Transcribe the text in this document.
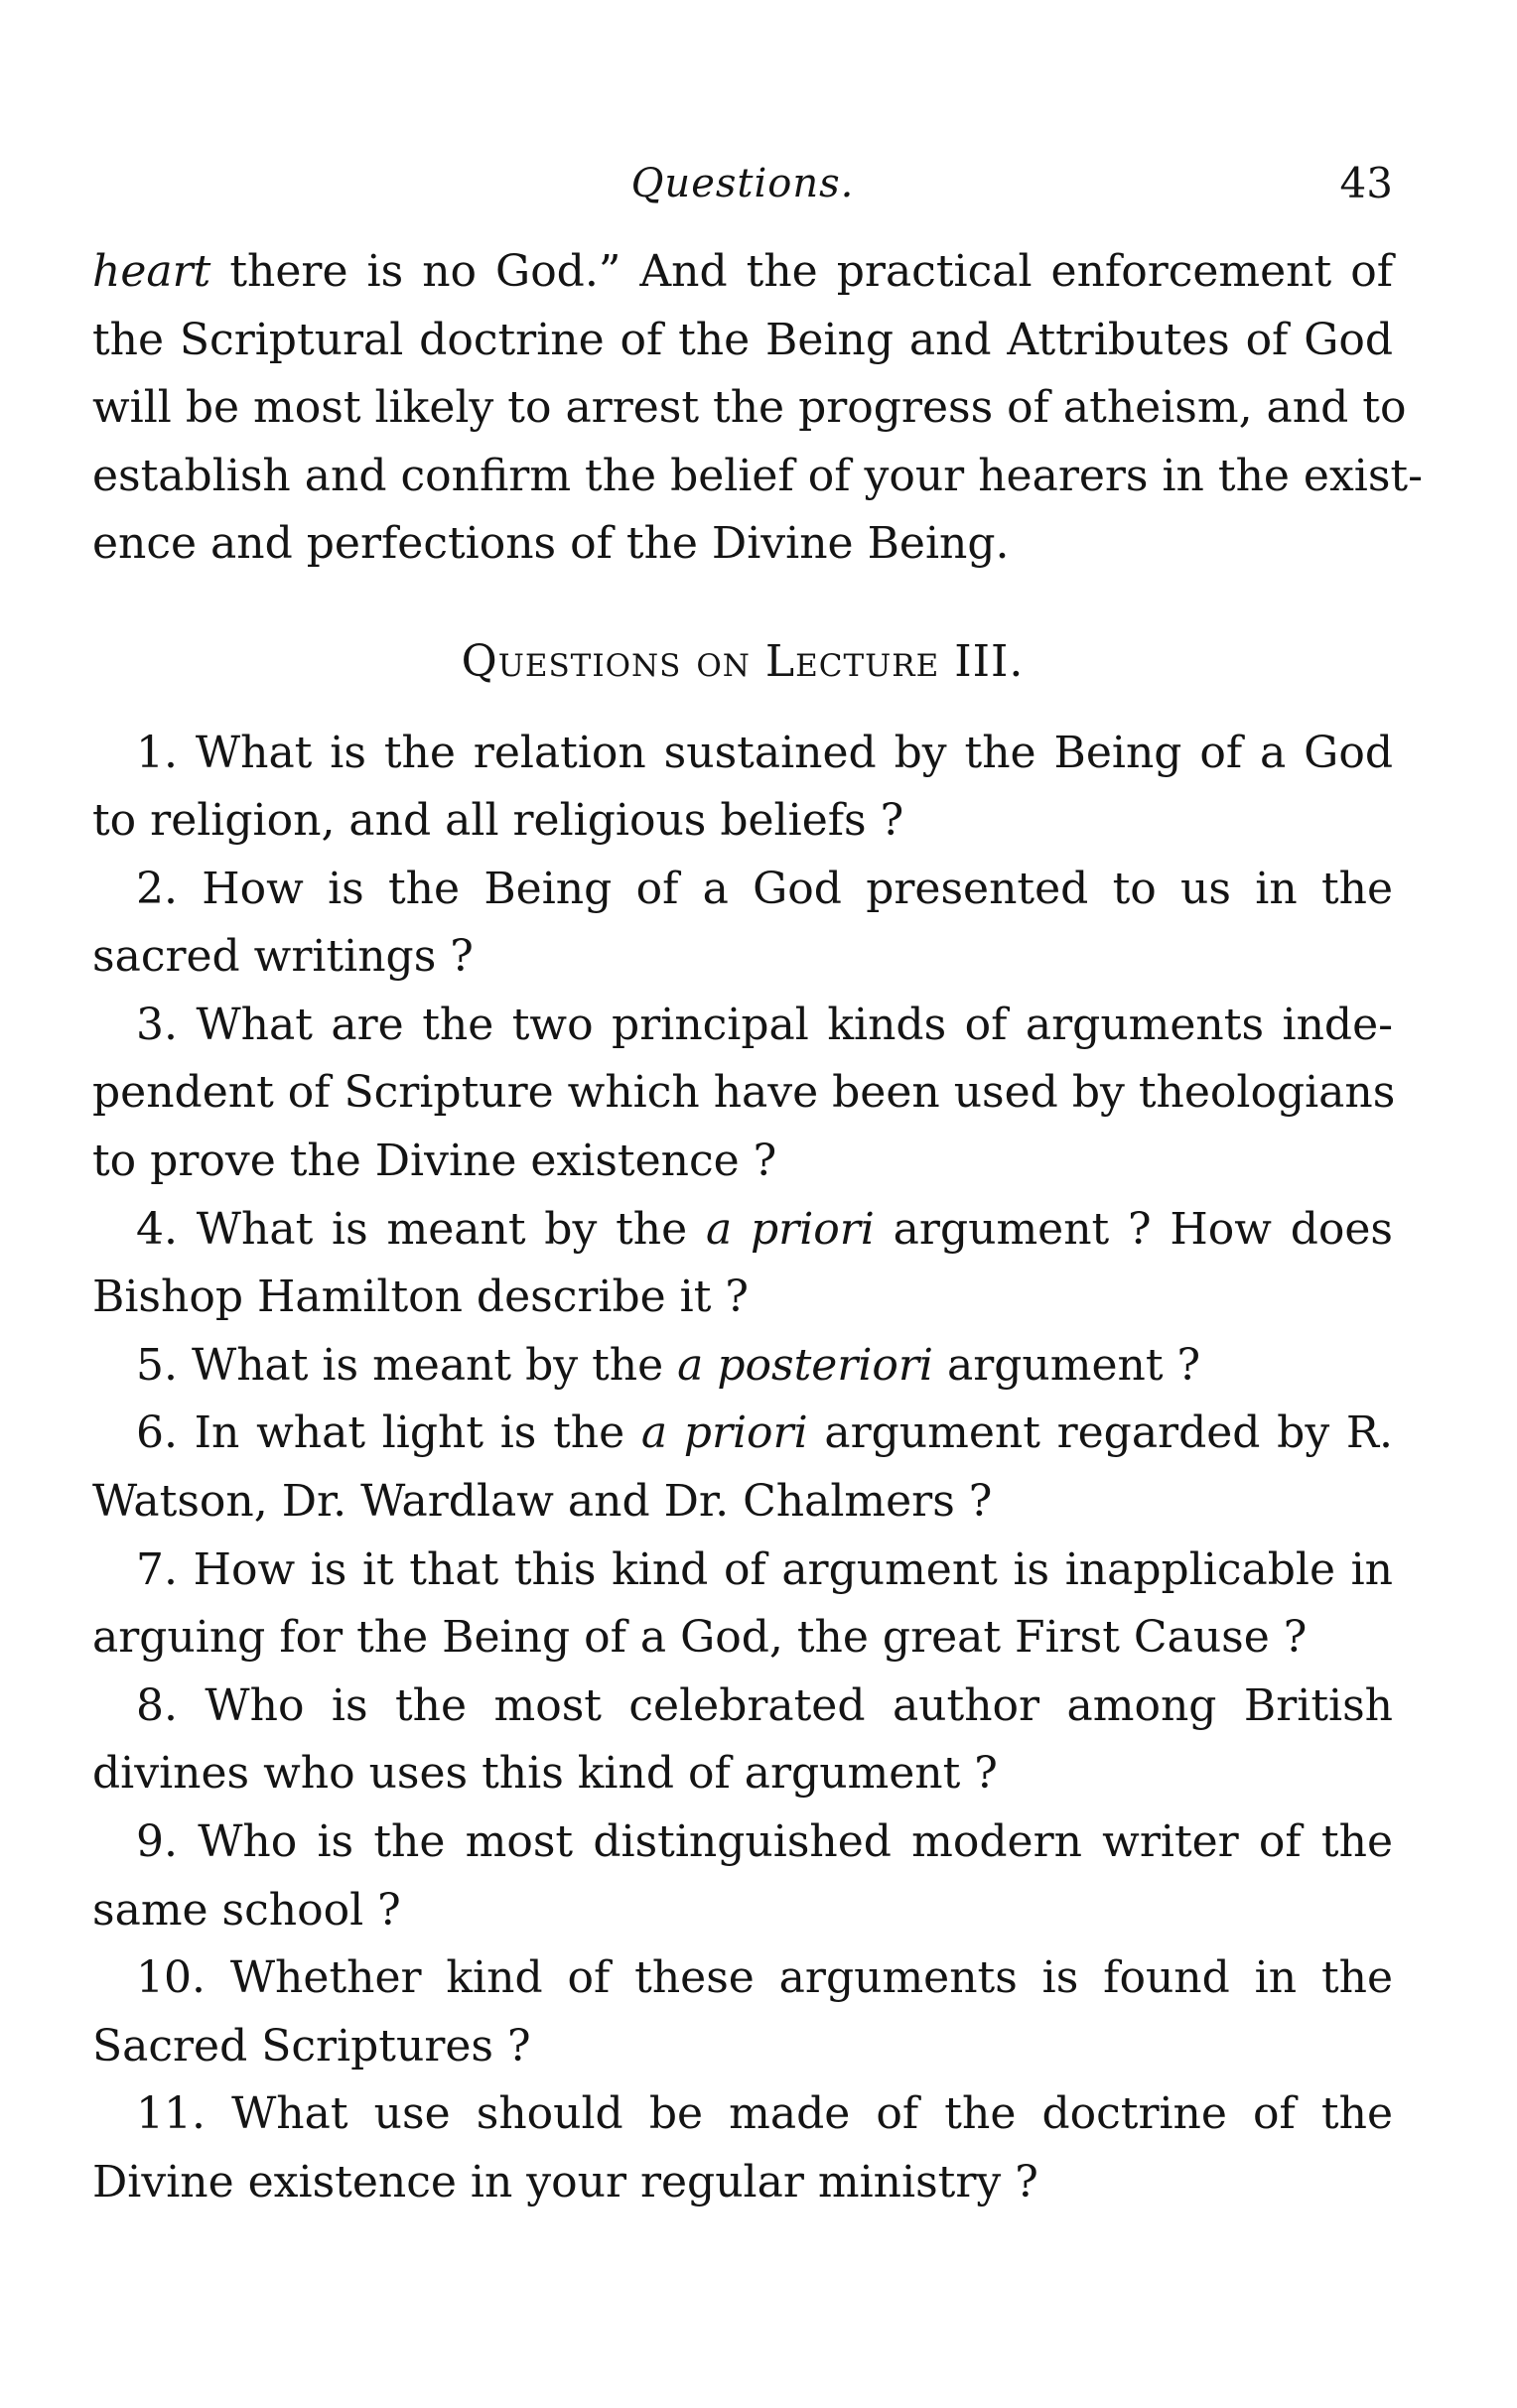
Questions.	43

heart there is no God.” And the practical enforcement of
the Scriptural doctrine of the Being and Attributes of God
will be most likely to arrest the progress of atheism, and to
establish and confirm the belief of your hearers in the exist-
ence and perfections of the Divine Being.

Questions on Lecture III.

1. What is the relation sustained by the Being of a God
to religion, and all religious beliefs ?

2. How is the Being of a God presented to us in the
sacred writings ?

3. What are the two principal kinds of arguments inde-
pendent of Scripture which have been used by theologians
to prove the Divine existence ?

4. What is meant by the a priori argument ? How does
Bishop Hamilton describe it ?

5. What is meant by the a posteriori argument ?

6. In what light is the a priori argument regarded by R.
Watson, Dr. Wardlaw and Dr. Chalmers ?

7. How is it that this kind of argument is inapplicable in
arguing for the Being of a God, the great First Cause ?

8. Who is the most celebrated author among British
divines who uses this kind of argument ?

9. Who is the most distinguished modern writer of the
same school ?

10. Whether kind of these arguments is found in the
Sacred Scriptures ?

11. What use should be made of the doctrine of the
Divine existence in your regular ministry ?
